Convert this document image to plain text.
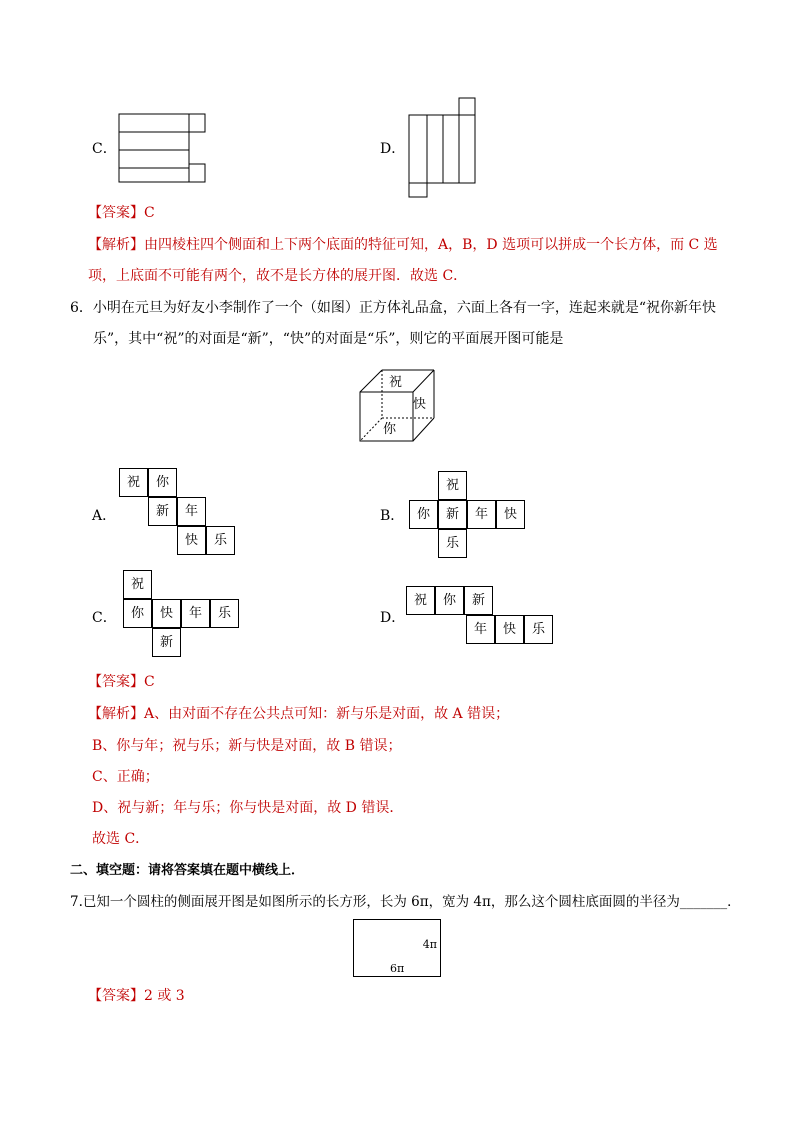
C．	D．
【答案】C
【解析】由四棱柱四个侧面和上下两个底面的特征可知，A，B，D 选项可以拼成一个长方体，而 C 选
项，上底面不可能有两个，故不是长方体的展开图．故选 C．
6．小明在元旦为好友小李制作了一个（如图）正方体礼品盒，六面上各有一字，连起来就是“祝你新年快
乐”，其中“祝”的对面是“新”，“快”的对面是“乐”，则它的平面展开图可能是
祝
快
你
A．
祝	你
新	年
快	乐
B．
祝
你	新	年	快
乐
C．
祝
你	快	年	乐
新
D．
祝	你	新
年	快	乐
【答案】C
【解析】A、由对面不存在公共点可知：新与乐是对面，故 A 错误；
B、你与年；祝与乐；新与快是对面，故 B 错误；
C、正确；
D、祝与新；年与乐；你与快是对面，故 D 错误．
故选 C．
二、填空题：请将答案填在题中横线上．
7.已知一个圆柱的侧面展开图是如图所示的长方形，长为 6π，宽为 4π，那么这个圆柱底面圆的半径为_______．
4π
6π
【答案】2 或 3
